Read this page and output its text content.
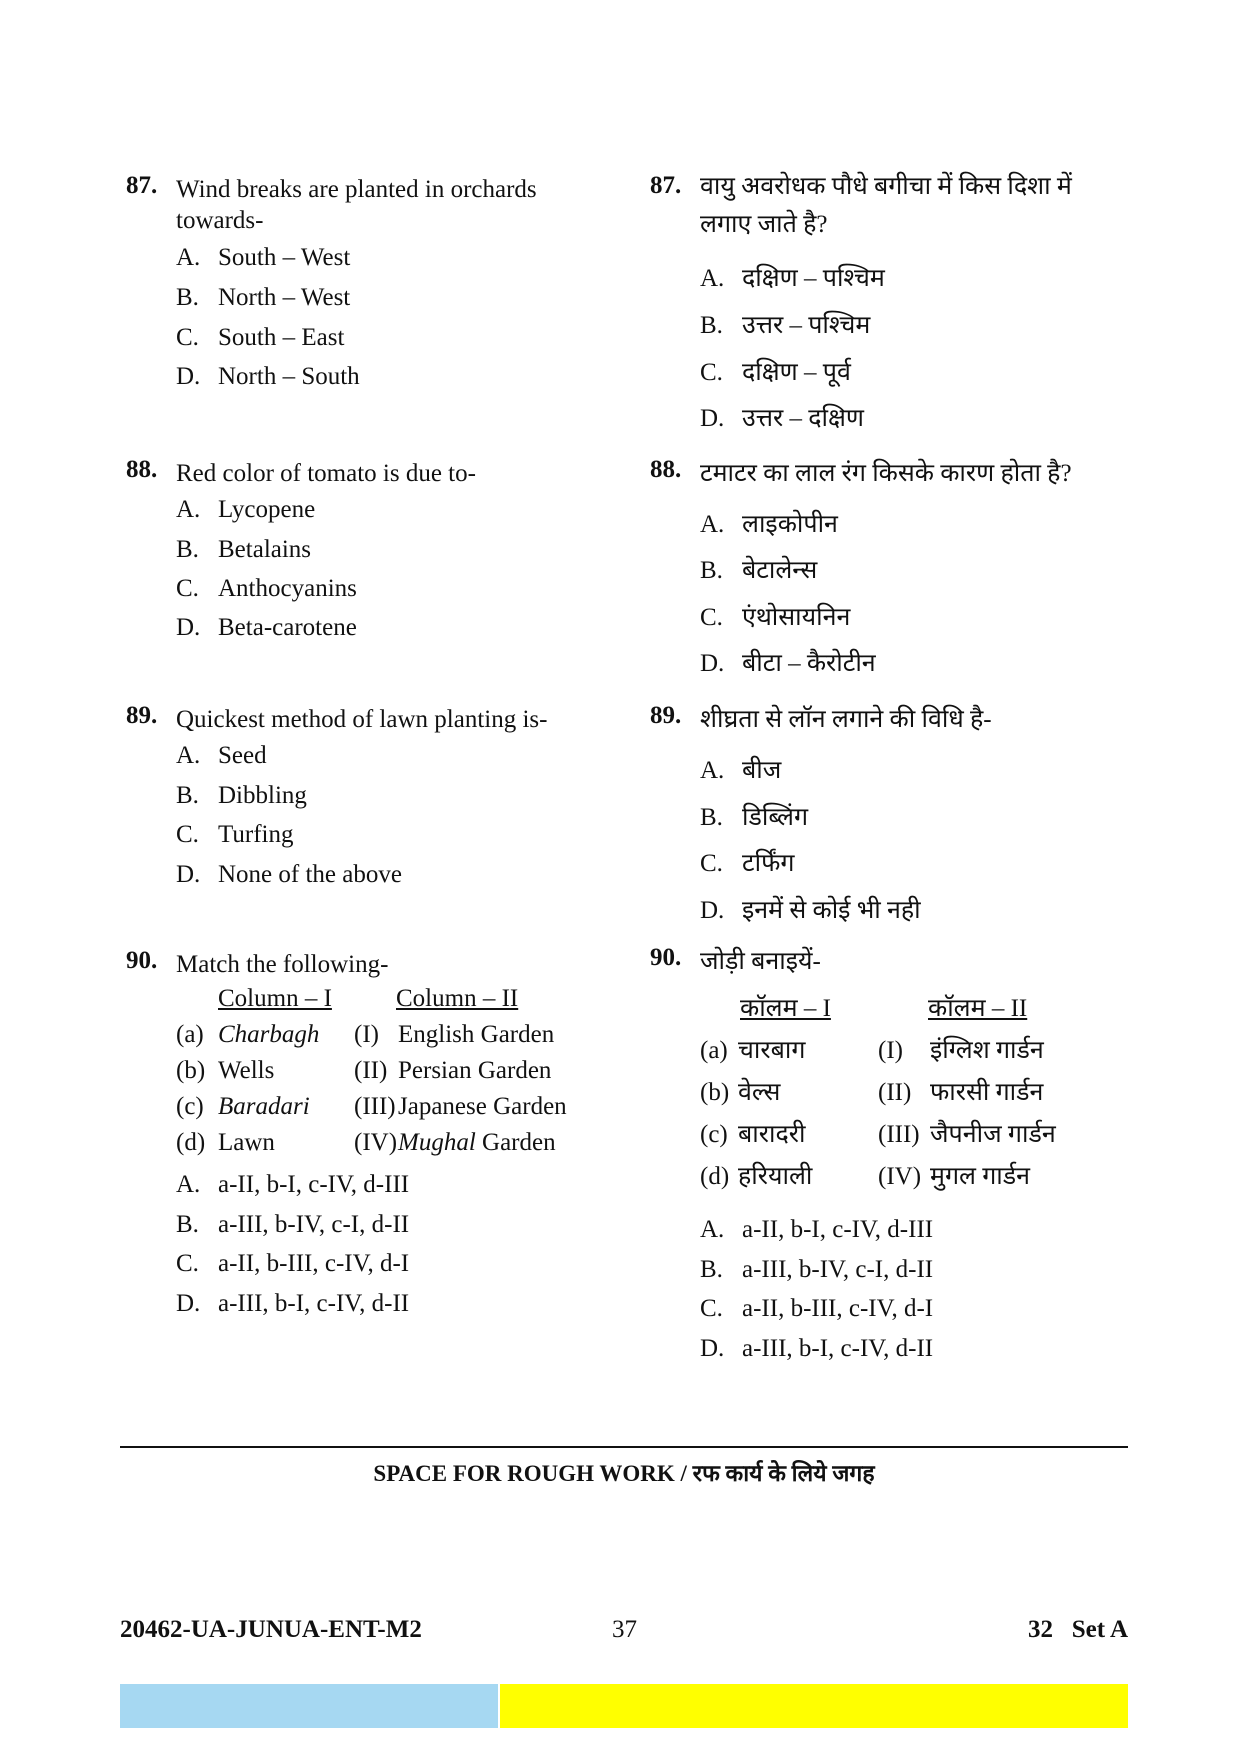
87. Wind breaks are planted in orchards
towards-
A. South – West
B. North – West
C. South – East
D. North – South
88. Red color of tomato is due to-
A. Lycopene
B. Betalains
C. Anthocyanins
D. Beta-carotene
89. Quickest method of lawn planting is-
A. Seed
B. Dibbling
C. Turfing
D. None of the above
90. Match the following-
Column – I	Column – II
(a) Charbagh (I) English Garden
(b) Wells	(II) Persian Garden
(c) Baradari (III)Japanese Garden
(d) Lawn	(IV)Mughal Garden
A. a-II, b-I, c-IV, d-III
B. a-III, b-IV, c-I, d-II
C. a-II, b-III, c-IV, d-I
D. a-III, b-I, c-IV, d-II
87. वायु अवरोधक पौधे बगीचा में किस दिशा में
लगाए जाते है?
A. दक्षिण – पश्चिम
B. उत्तर – पश्चिम
C. दक्षिण – पूर्व
D. उत्तर – दक्षिण
88. टमाटर का लाल रंग किसके कारण होता है?
A. लाइकोपीन
B. बेटालेन्स
C. एंथोसायनिन
D. बीटा – कैरोटीन
89. शीघ्रता से लॉन लगाने की विधि है-
A. बीज
B. डिब्लिंग
C. टर्फिंग
D. इनमें से कोई भी नही
90. जोड़ी बनाइयें-
कॉलम – I	कॉलम – II
(a) चारबाग	(I) इंग्लिश गार्डन
(b) वेल्स	(II) फारसी गार्डन
(c) बारादरी	(III) जैपनीज गार्डन
(d) हरियाली	(IV) मुगल गार्डन
A. a-II, b-I, c-IV, d-III
B. a-III, b-IV, c-I, d-II
C. a-II, b-III, c-IV, d-I
D. a-III, b-I, c-IV, d-II
SPACE FOR ROUGH WORK / रफ कार्य के लिये जगह
20462-UA-JUNUA-ENT-M2	37	32   Set A
